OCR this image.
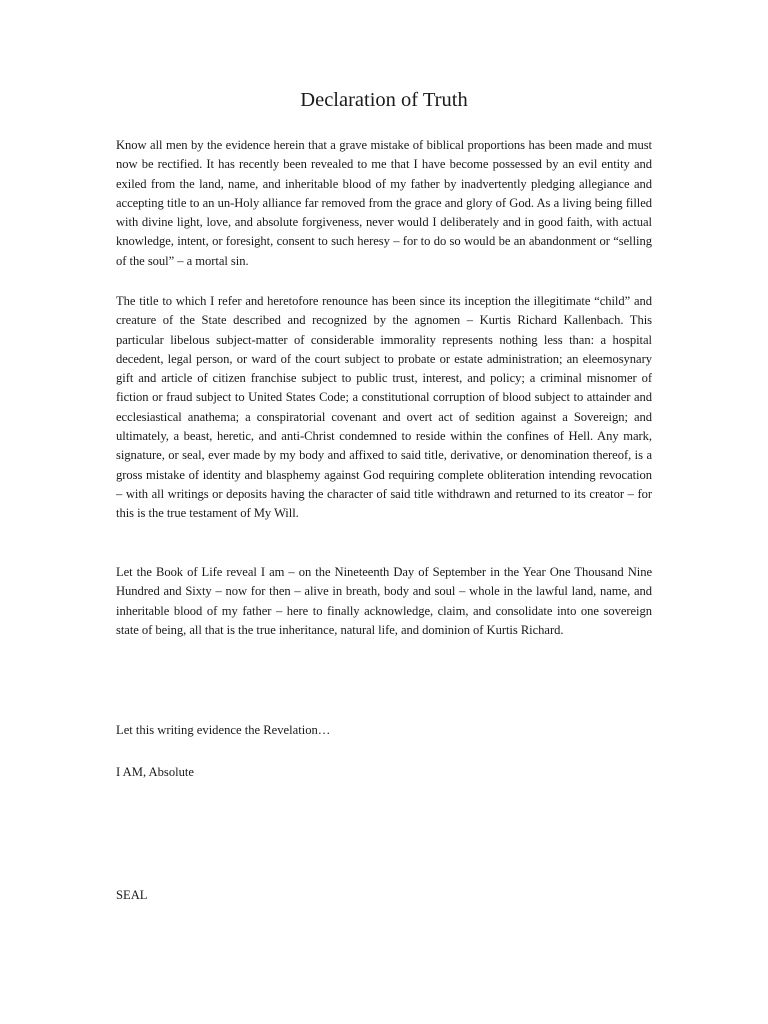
Declaration of Truth

Know all men by the evidence herein that a grave mistake of biblical proportions has been made and must now be rectified. It has recently been revealed to me that I have become possessed by an evil entity and exiled from the land, name, and inheritable blood of my father by inadvertently pledging allegiance and accepting title to an un-Holy alliance far removed from the grace and glory of God. As a living being filled with divine light, love, and absolute forgiveness, never would I deliberately and in good faith, with actual knowledge, intent, or foresight, consent to such heresy – for to do so would be an abandonment or “selling of the soul” – a mortal sin.

The title to which I refer and heretofore renounce has been since its inception the illegitimate “child” and creature of the State described and recognized by the agnomen – Kurtis Richard Kallenbach. This particular libelous subject-matter of considerable immorality represents nothing less than: a hospital decedent, legal person, or ward of the court subject to probate or estate administration; an eleemosynary gift and article of citizen franchise subject to public trust, interest, and policy; a criminal misnomer of fiction or fraud subject to United States Code; a constitutional corruption of blood subject to attainder and ecclesiastical anathema; a conspiratorial covenant and overt act of sedition against a Sovereign; and ultimately, a beast, heretic, and anti-Christ condemned to reside within the confines of Hell. Any mark, signature, or seal, ever made by my body and affixed to said title, derivative, or denomination thereof, is a gross mistake of identity and blasphemy against God requiring complete obliteration intending revocation – with all writings or deposits having the character of said title withdrawn and returned to its creator – for this is the true testament of My Will.

Let the Book of Life reveal I am – on the Nineteenth Day of September in the Year One Thousand Nine Hundred and Sixty – now for then – alive in breath, body and soul – whole in the lawful land, name, and inheritable blood of my father – here to finally acknowledge, claim, and consolidate into one sovereign state of being, all that is the true inheritance, natural life, and dominion of Kurtis Richard.

Let this writing evidence the Revelation…

I AM, Absolute

SEAL
